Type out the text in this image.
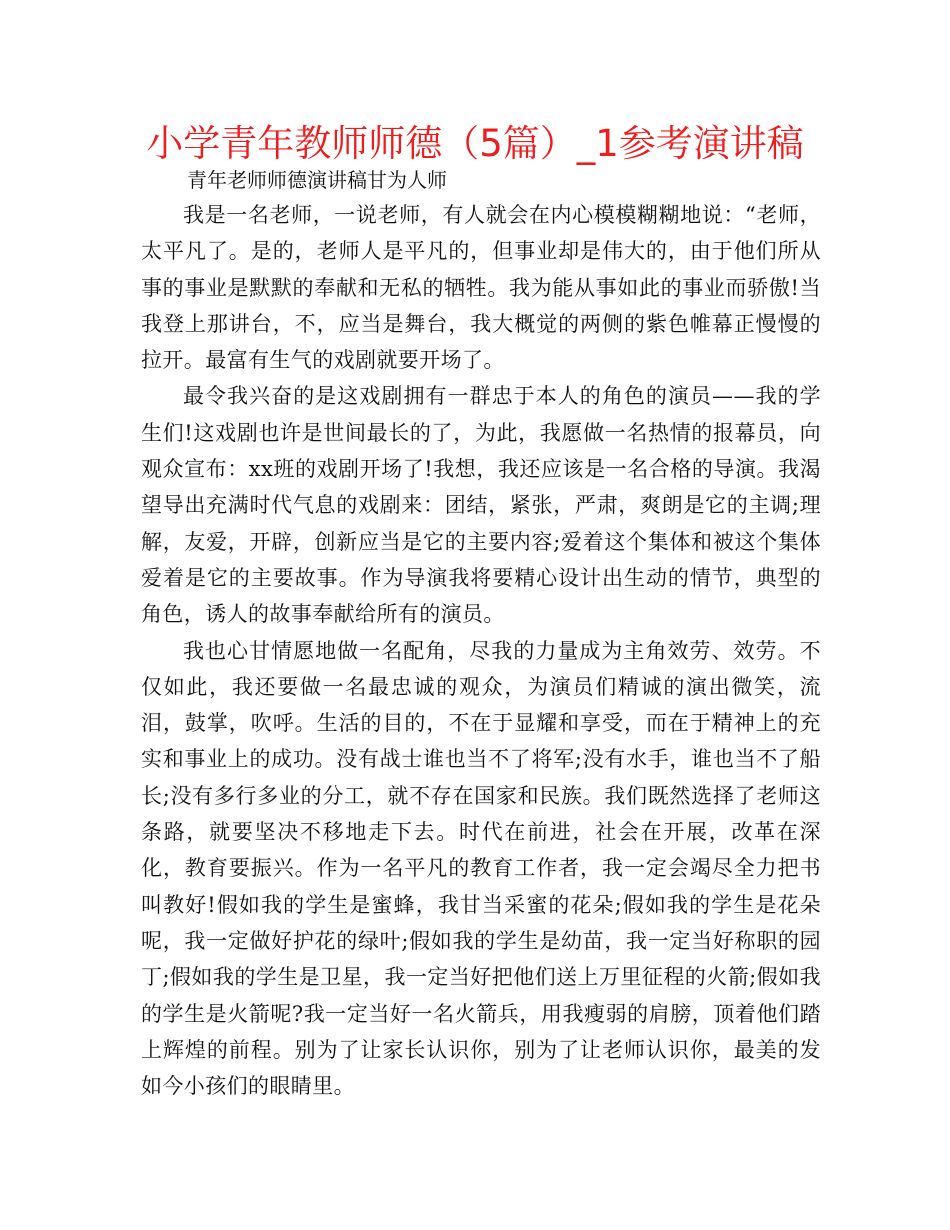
小学青年教师师德（5篇）_1参考演讲稿
青年老师师德演讲稿甘为人师

我是一名老师，一说老师，有人就会在内心模模糊糊地说：“老师，太平凡了。是的，老师人是平凡的，但事业却是伟大的，由于他们所从事的事业是默默的奉献和无私的牺牲。我为能从事如此的事业而骄傲!当我登上那讲台，不，应当是舞台，我大概觉的两侧的紫色帷幕正慢慢的拉开。最富有生气的戏剧就要开场了。

最令我兴奋的是这戏剧拥有一群忠于本人的角色的演员——我的学生们!这戏剧也许是世间最长的了，为此，我愿做一名热情的报幕员，向观众宣布：xx班的戏剧开场了!我想，我还应该是一名合格的导演。我渴望导出充满时代气息的戏剧来：团结，紧张，严肃，爽朗是它的主调;理解，友爱，开辟，创新应当是它的主要内容;爱着这个集体和被这个集体爱着是它的主要故事。作为导演我将要精心设计出生动的情节，典型的角色，诱人的故事奉献给所有的演员。

我也心甘情愿地做一名配角，尽我的力量成为主角效劳、效劳。不仅如此，我还要做一名最忠诚的观众，为演员们精诚的演出微笑，流泪，鼓掌，吹呼。生活的目的，不在于显耀和享受，而在于精神上的充实和事业上的成功。没有战士谁也当不了将军;没有水手，谁也当不了船长;没有多行多业的分工，就不存在国家和民族。我们既然选择了老师这条路，就要坚决不移地走下去。时代在前进，社会在开展，改革在深化，教育要振兴。作为一名平凡的教育工作者，我一定会竭尽全力把书叫教好!假如我的学生是蜜蜂，我甘当采蜜的花朵;假如我的学生是花朵呢，我一定做好护花的绿叶;假如我的学生是幼苗，我一定当好称职的园丁;假如我的学生是卫星，我一定当好把他们送上万里征程的火箭;假如我的学生是火箭呢?我一定当好一名火箭兵，用我瘦弱的肩膀，顶着他们踏上辉煌的前程。别为了让家长认识你，别为了让老师认识你，最美的发如今小孩们的眼睛里。
